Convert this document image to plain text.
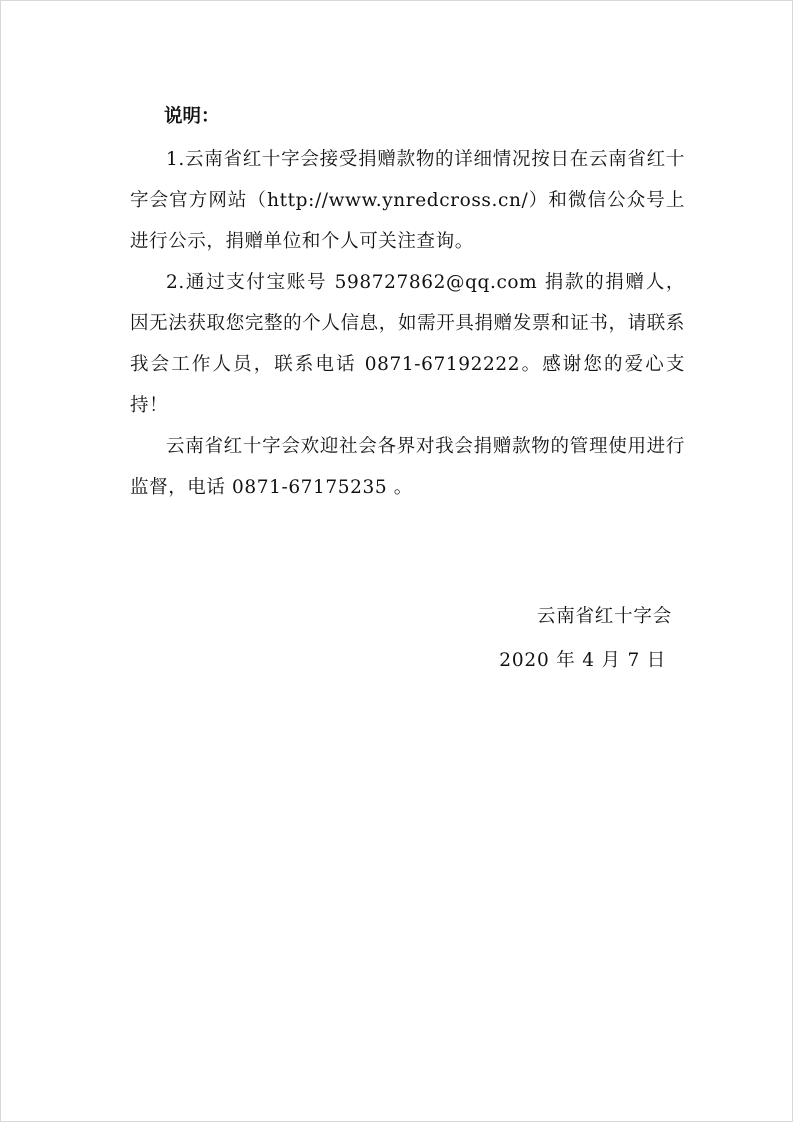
说明：

1.云南省红十字会接受捐赠款物的详细情况按日在云南省红十字会官方网站（http://www.ynredcross.cn/）和微信公众号上进行公示，捐赠单位和个人可关注查询。

2.通过支付宝账号 598727862@qq.com 捐款的捐赠人，因无法获取您完整的个人信息，如需开具捐赠发票和证书，请联系我会工作人员，联系电话 0871-67192222。感谢您的爱心支持！

云南省红十字会欢迎社会各界对我会捐赠款物的管理使用进行监督，电话 0871-67175235 。

云南省红十字会
2020 年 4 月 7 日
